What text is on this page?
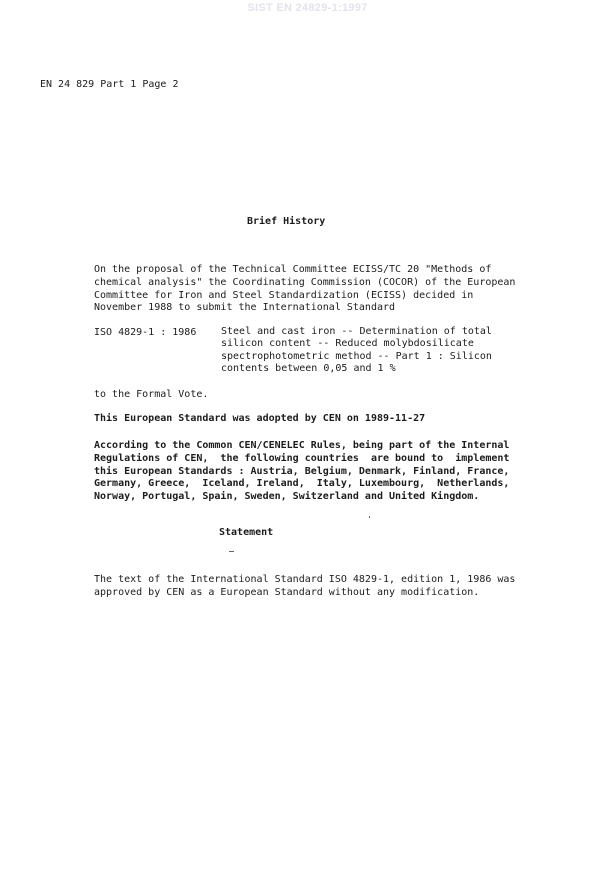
SIST EN 24829-1:1997
EN 24 829 Part 1 Page 2
Brief History
On the proposal of the Technical Committee ECISS/TC 20 "Methods of
chemical analysis" the Coordinating Commission (COCOR) of the European
Committee for Iron and Steel Standardization (ECISS) decided in
November 1988 to submit the International Standard
ISO 4829-1 : 1986 Steel and cast iron -- Determination of total
silicon content -- Reduced molybdosilicate
spectrophotometric method -- Part 1 : Silicon
contents between 0,05 and 1 %
to the Formal Vote.
This European Standard was adopted by CEN on 1989-11-27
According to the Common CEN/CENELEC Rules, being part of the Internal
Regulations of CEN,  the following countries  are bound to  implement
this European Standards : Austria, Belgium, Denmark, Finland, France,
Germany, Greece,  Iceland, Ireland,  Italy, Luxembourg,  Netherlands,
Norway, Portugal, Spain, Sweden, Switzerland and United Kingdom.
Statement
The text of the International Standard ISO 4829-1, edition 1, 1986 was
approved by CEN as a European Standard without any modification.
